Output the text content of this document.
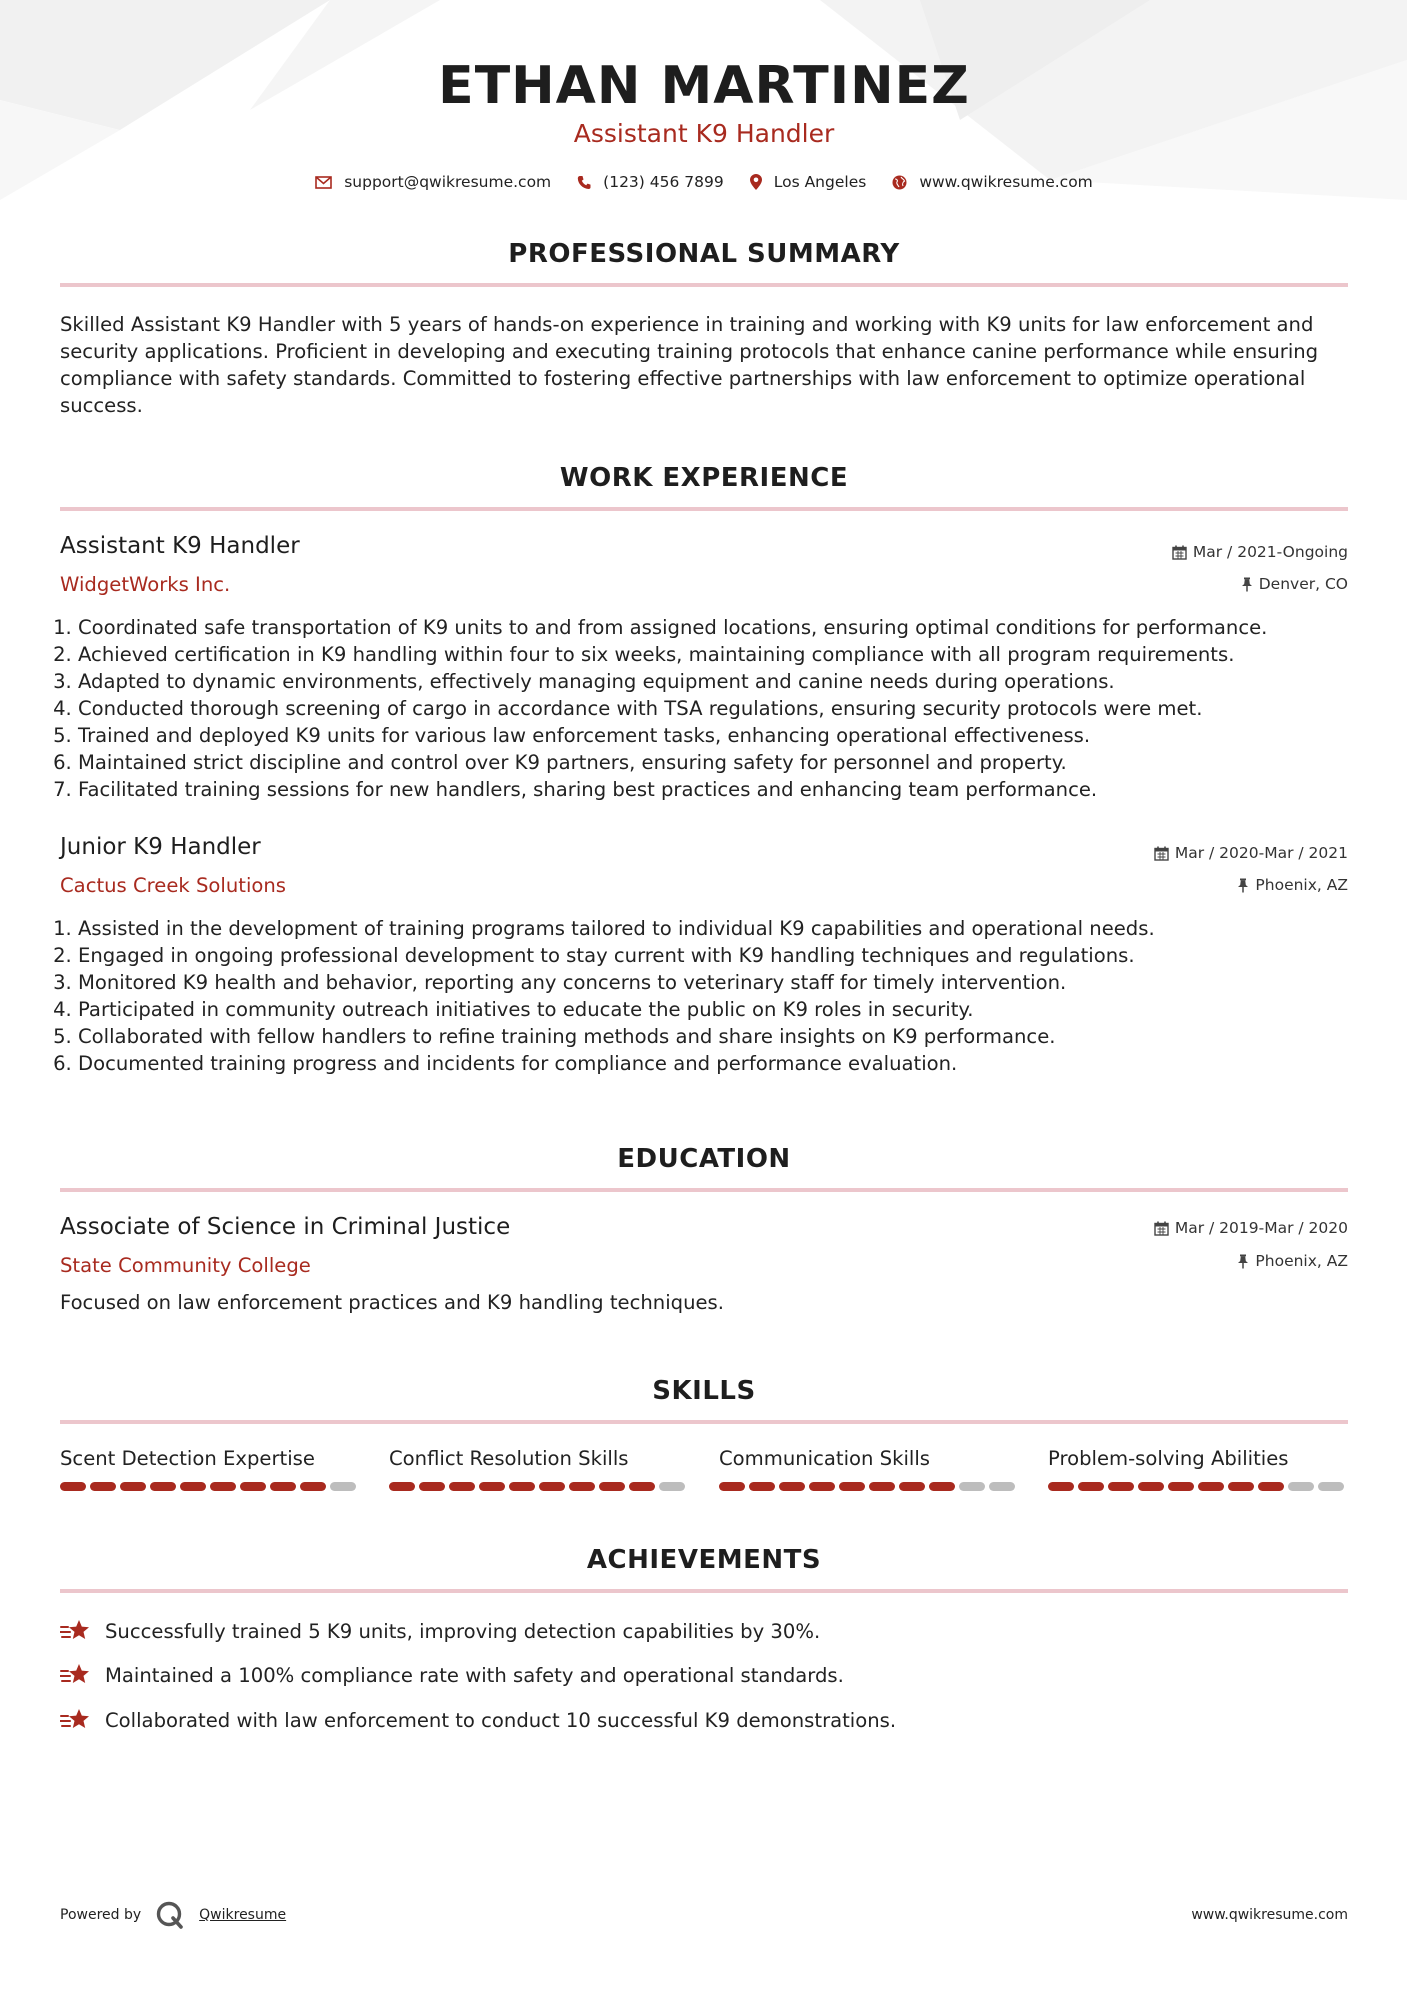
ETHAN MARTINEZ
Assistant K9 Handler
support@qwikresume.com	(123) 456 7899	Los Angeles	www.qwikresume.com
PROFESSIONAL SUMMARY
Skilled Assistant K9 Handler with 5 years of hands-on experience in training and working with K9 units for law enforcement and security applications. Proficient in developing and executing training protocols that enhance canine performance while ensuring compliance with safety standards. Committed to fostering effective partnerships with law enforcement to optimize operational success.
WORK EXPERIENCE
Assistant K9 Handler	Mar / 2021-Ongoing
WidgetWorks Inc.	Denver, CO
1. Coordinated safe transportation of K9 units to and from assigned locations, ensuring optimal conditions for performance.
2. Achieved certification in K9 handling within four to six weeks, maintaining compliance with all program requirements.
3. Adapted to dynamic environments, effectively managing equipment and canine needs during operations.
4. Conducted thorough screening of cargo in accordance with TSA regulations, ensuring security protocols were met.
5. Trained and deployed K9 units for various law enforcement tasks, enhancing operational effectiveness.
6. Maintained strict discipline and control over K9 partners, ensuring safety for personnel and property.
7. Facilitated training sessions for new handlers, sharing best practices and enhancing team performance.
Junior K9 Handler	Mar / 2020-Mar / 2021
Cactus Creek Solutions	Phoenix, AZ
1. Assisted in the development of training programs tailored to individual K9 capabilities and operational needs.
2. Engaged in ongoing professional development to stay current with K9 handling techniques and regulations.
3. Monitored K9 health and behavior, reporting any concerns to veterinary staff for timely intervention.
4. Participated in community outreach initiatives to educate the public on K9 roles in security.
5. Collaborated with fellow handlers to refine training methods and share insights on K9 performance.
6. Documented training progress and incidents for compliance and performance evaluation.
EDUCATION
Associate of Science in Criminal Justice	Mar / 2019-Mar / 2020
State Community College	Phoenix, AZ
Focused on law enforcement practices and K9 handling techniques.
SKILLS
Scent Detection Expertise	Conflict Resolution Skills	Communication Skills	Problem-solving Abilities
ACHIEVEMENTS
Successfully trained 5 K9 units, improving detection capabilities by 30%.
Maintained a 100% compliance rate with safety and operational standards.
Collaborated with law enforcement to conduct 10 successful K9 demonstrations.
Powered by	Qwikresume	www.qwikresume.com
